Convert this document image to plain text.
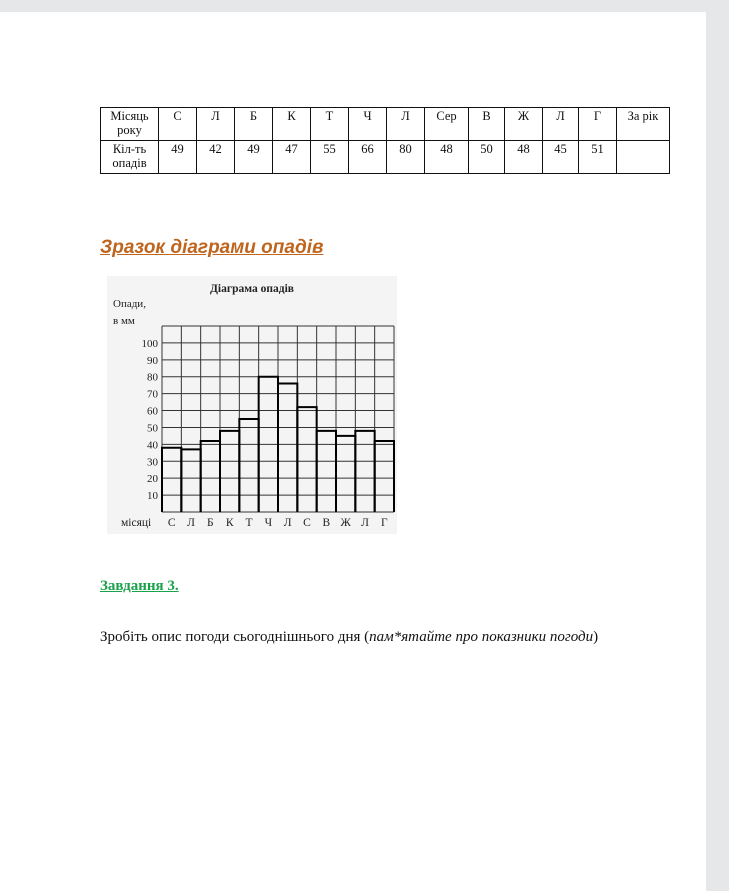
Місяць року	С	Л	Б	К	Т	Ч	Л	Сер	В	Ж	Л	Г	За рік
Кіл-ть опадів	49	42	49	47	55	66	80	48	50	48	45	51	
Зразок діаграми опадів
Діаграма опадів
Опади,
в мм
місяці
10
20
30
40
50
60
70
80
90
100
С Л Б К Т Ч Л С В Ж Л Г
Завдання 3.
Зробіть опис погоди сьогоднішнього дня (пам*ятайте про показники погоди)
